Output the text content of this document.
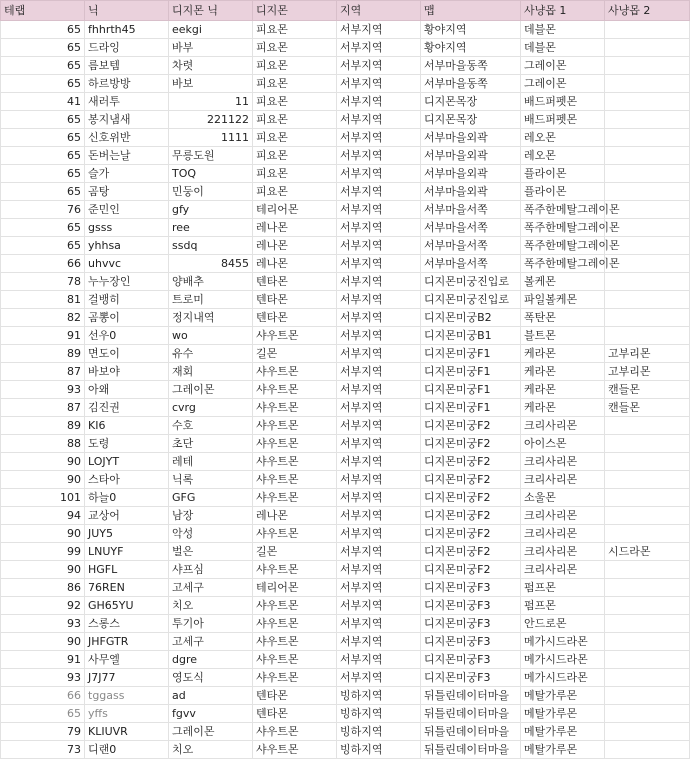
테랩	닉	디지몬 닉	디지몬	지역	맵	사냥몹 1	사냥몹 2
65	fhhrth45	eekgi	피요몬	서부지역	황야지역	데블몬	
65	드라잉	바부	피요몬	서부지역	황야지역	데블몬	
65	름보템	차렷	피요몬	서부지역	서부마을동쪽	그레이몬	
65	하르방방	바보	피요몬	서부지역	서부마을동쪽	그레이몬	
41	새러투	11	피요몬	서부지역	디지몬목장	배드퍼펫몬	
65	봉지냄새	221122	피요몬	서부지역	디지몬목장	배드퍼펫몬	
65	신호위반	1111	피요몬	서부지역	서부마을외곽	레오몬	
65	돈버는날	무릉도원	피요몬	서부지역	서부마을외곽	레오몬	
65	슬가	TOQ	피요몬	서부지역	서부마을외곽	플라이몬	
65	곰탕	민둥이	피요몬	서부지역	서부마을외곽	플라이몬	
76	준민인	gfy	테리어몬	서부지역	서부마을서쪽	폭주한메탈그레이몬	
65	gsss	ree	레나몬	서부지역	서부마을서쪽	폭주한메탈그레이몬	
65	yhhsa	ssdq	레나몬	서부지역	서부마을서쪽	폭주한메탈그레이몬	
66	uhvvc	8455	레나몬	서부지역	서부마을서쪽	폭주한메탈그레이몬	
78	누누장인	양배추	텐타몬	서부지역	디지몬미궁진입로	볼케몬	
81	걸뱅히	트로미	텐타몬	서부지역	디지몬미궁진입로	파일볼케몬	
82	곰뽕이	정지내역	텐타몬	서부지역	디지몬미궁B2	폭탄몬	
91	선우0	wo	샤우트몬	서부지역	디지몬미궁B1	블트몬	
89	면도이	유수	길몬	서부지역	디지몬미궁F1	케라몬	고부리몬
87	바보야	재회	샤우트몬	서부지역	디지몬미궁F1	케라몬	고부리몬
93	아왜	그레이몬	샤우트몬	서부지역	디지몬미궁F1	케라몬	캔들몬
87	김진권	cvrg	샤우트몬	서부지역	디지몬미궁F1	케라몬	캔들몬
89	KI6	수호	샤우트몬	서부지역	디지몬미궁F2	크리사리몬	
88	도령	초단	샤우트몬	서부지역	디지몬미궁F2	아이스몬	
90	LOJYT	레테	샤우트몬	서부지역	디지몬미궁F2	크리사리몬	
90	스타아	닉록	샤우트몬	서부지역	디지몬미궁F2	크리사리몬	
101	하늘0	GFG	샤우트몬	서부지역	디지몬미궁F2	소울몬	
94	교상어	남장	레나몬	서부지역	디지몬미궁F2	크리사리몬	
90	JUY5	악성	샤우트몬	서부지역	디지몬미궁F2	크리사리몬	
99	LNUYF	벌은	길몬	서부지역	디지몬미궁F2	크리사리몬	시드라몬
90	HGFL	샤프심	샤우트몬	서부지역	디지몬미궁F2	크리사리몬	
86	76REN	고세구	테리어몬	서부지역	디지몬미궁F3	펌프몬	
92	GH65YU	치오	샤우트몬	서부지역	디지몬미궁F3	펌프몬	
93	스롱스	투기아	샤우트몬	서부지역	디지몬미궁F3	안드로몬	
90	JHFGTR	고세구	샤우트몬	서부지역	디지몬미궁F3	메가시드라몬	
91	사무엘	dgre	샤우트몬	서부지역	디지몬미궁F3	메가시드라몬	
93	J7J77	영도식	샤우트몬	서부지역	디지몬미궁F3	메가시드라몬	
66	tggass	ad	텐타몬	빙하지역	뒤틀린데이터마을	메탈가루몬	
65	yffs	fgvv	텐타몬	빙하지역	뒤틀린데이터마을	메탈가루몬	
79	KLIUVR	그레이몬	샤우트몬	빙하지역	뒤틀린데이터마을	메탈가루몬	
73	디랜0	치오	샤우트몬	빙하지역	뒤틀린데이터마을	메탈가루몬	
